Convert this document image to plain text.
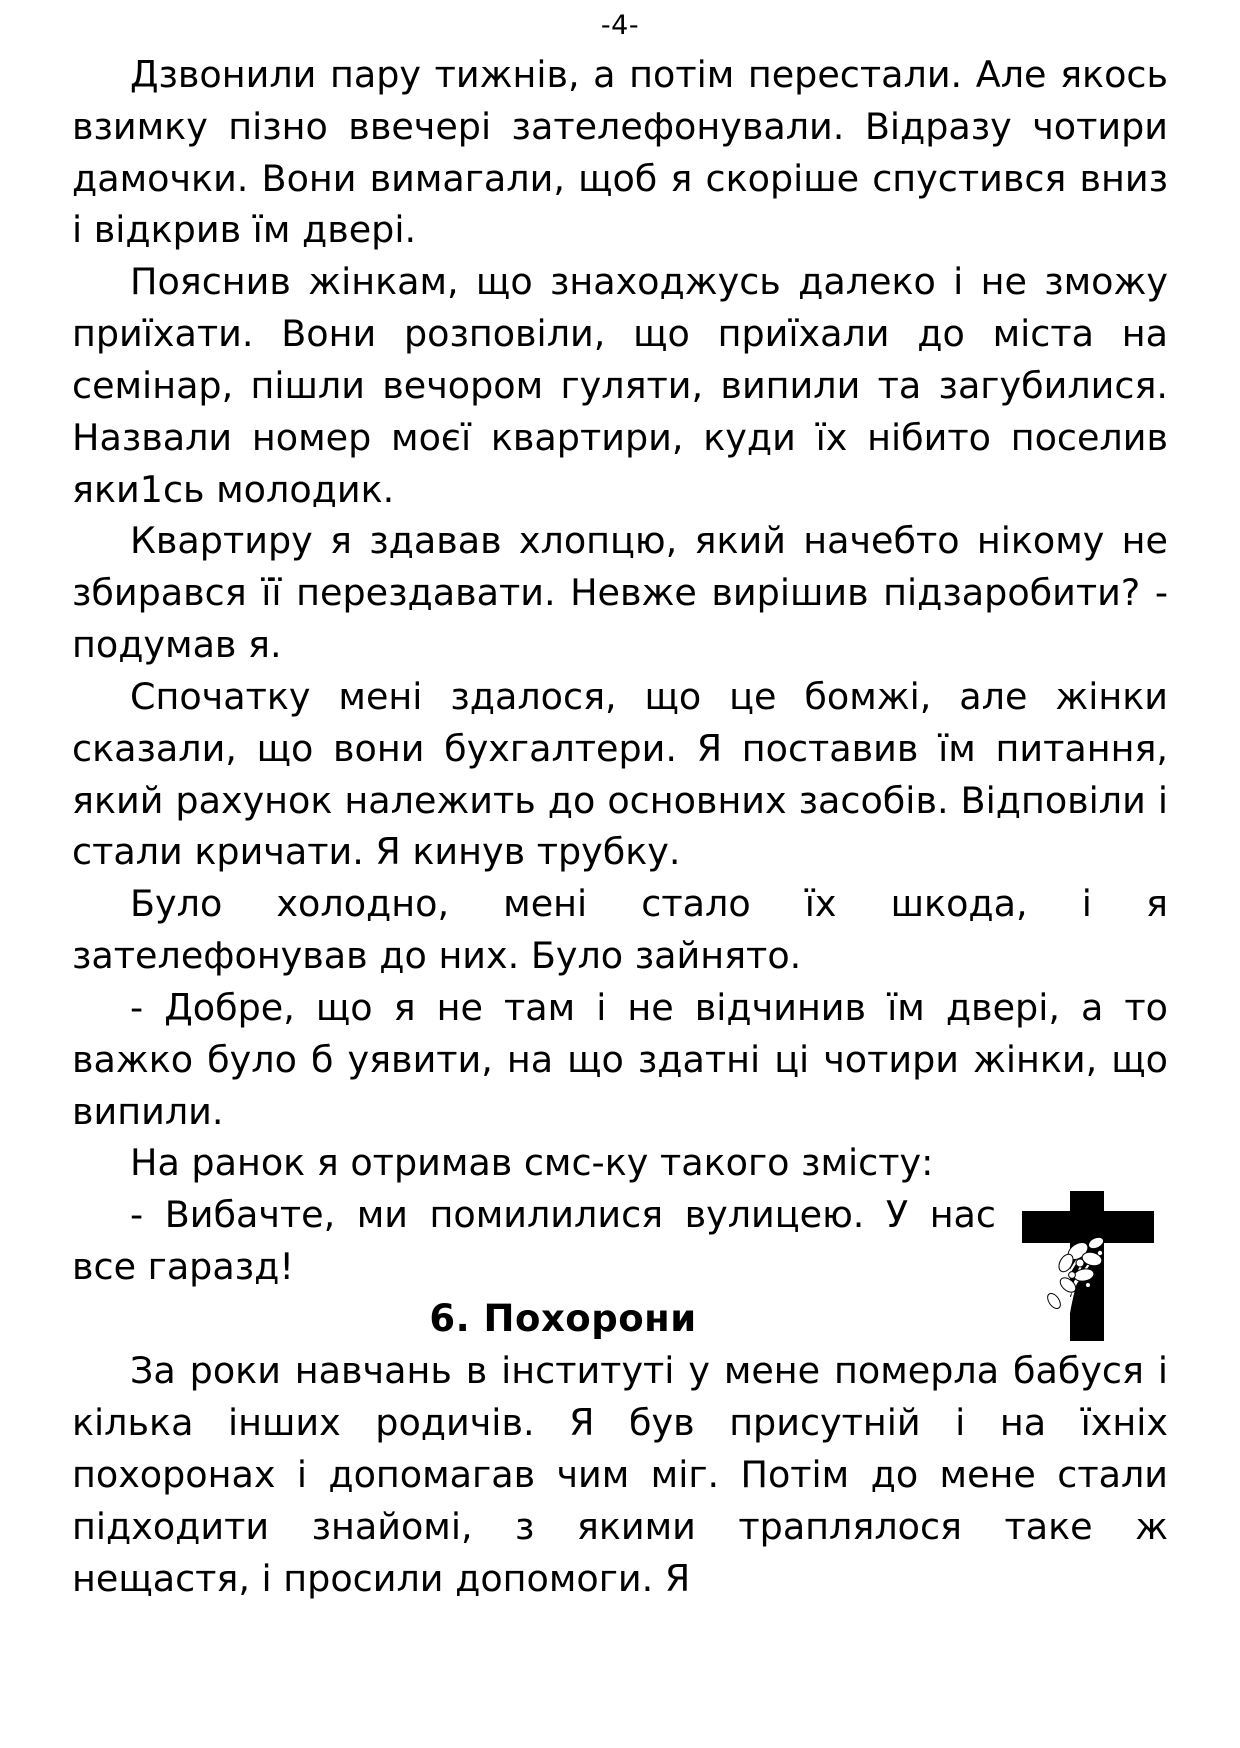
-4-

Дзвонили пару тижнів, а потім перестали. Але якось взимку пізно ввечері зателефонували. Відразу чотири дамочки. Вони вимагали, щоб я скоріше спустився вниз і відкрив їм двері.

Пояснив жінкам, що знаходжусь далеко і не зможу приїхати. Вони розповіли, що приїхали до міста на семінар, пішли вечором гуляти, випили та загубилися. Назвали номер моєї квартири, куди їх нібито поселив яки1сь молодик.

Квартиру я здавав хлопцю, який начебто нікому не збирався її перездавати. Невже вирішив підзаробити? - подумав я.

Спочатку мені здалося, що це бомжі, але жінки сказали, що вони бухгалтери. Я поставив їм питання, який рахунок належить до основних засобів. Відповіли і стали кричати. Я кинув трубку.

Було холодно, мені стало їх шкода, і я зателефонував до них. Було зайнято.

- Добре, що я не там і не відчинив їм двері, а то важко було б уявити, на що здатні ці чотири жінки, що випили.

На ранок я отримав смс-ку такого змісту:

- Вибачте, ми помилилися вулицею. У нас все гаразд!

6. Похорони

За роки навчань в інституті у мене померла бабуся і кілька інших родичів. Я був присутній і на їхніх похоронах і допомагав чим міг. Потім до мене стали підходити знайомі, з якими траплялося таке ж нещастя, і просили допомоги. Я
